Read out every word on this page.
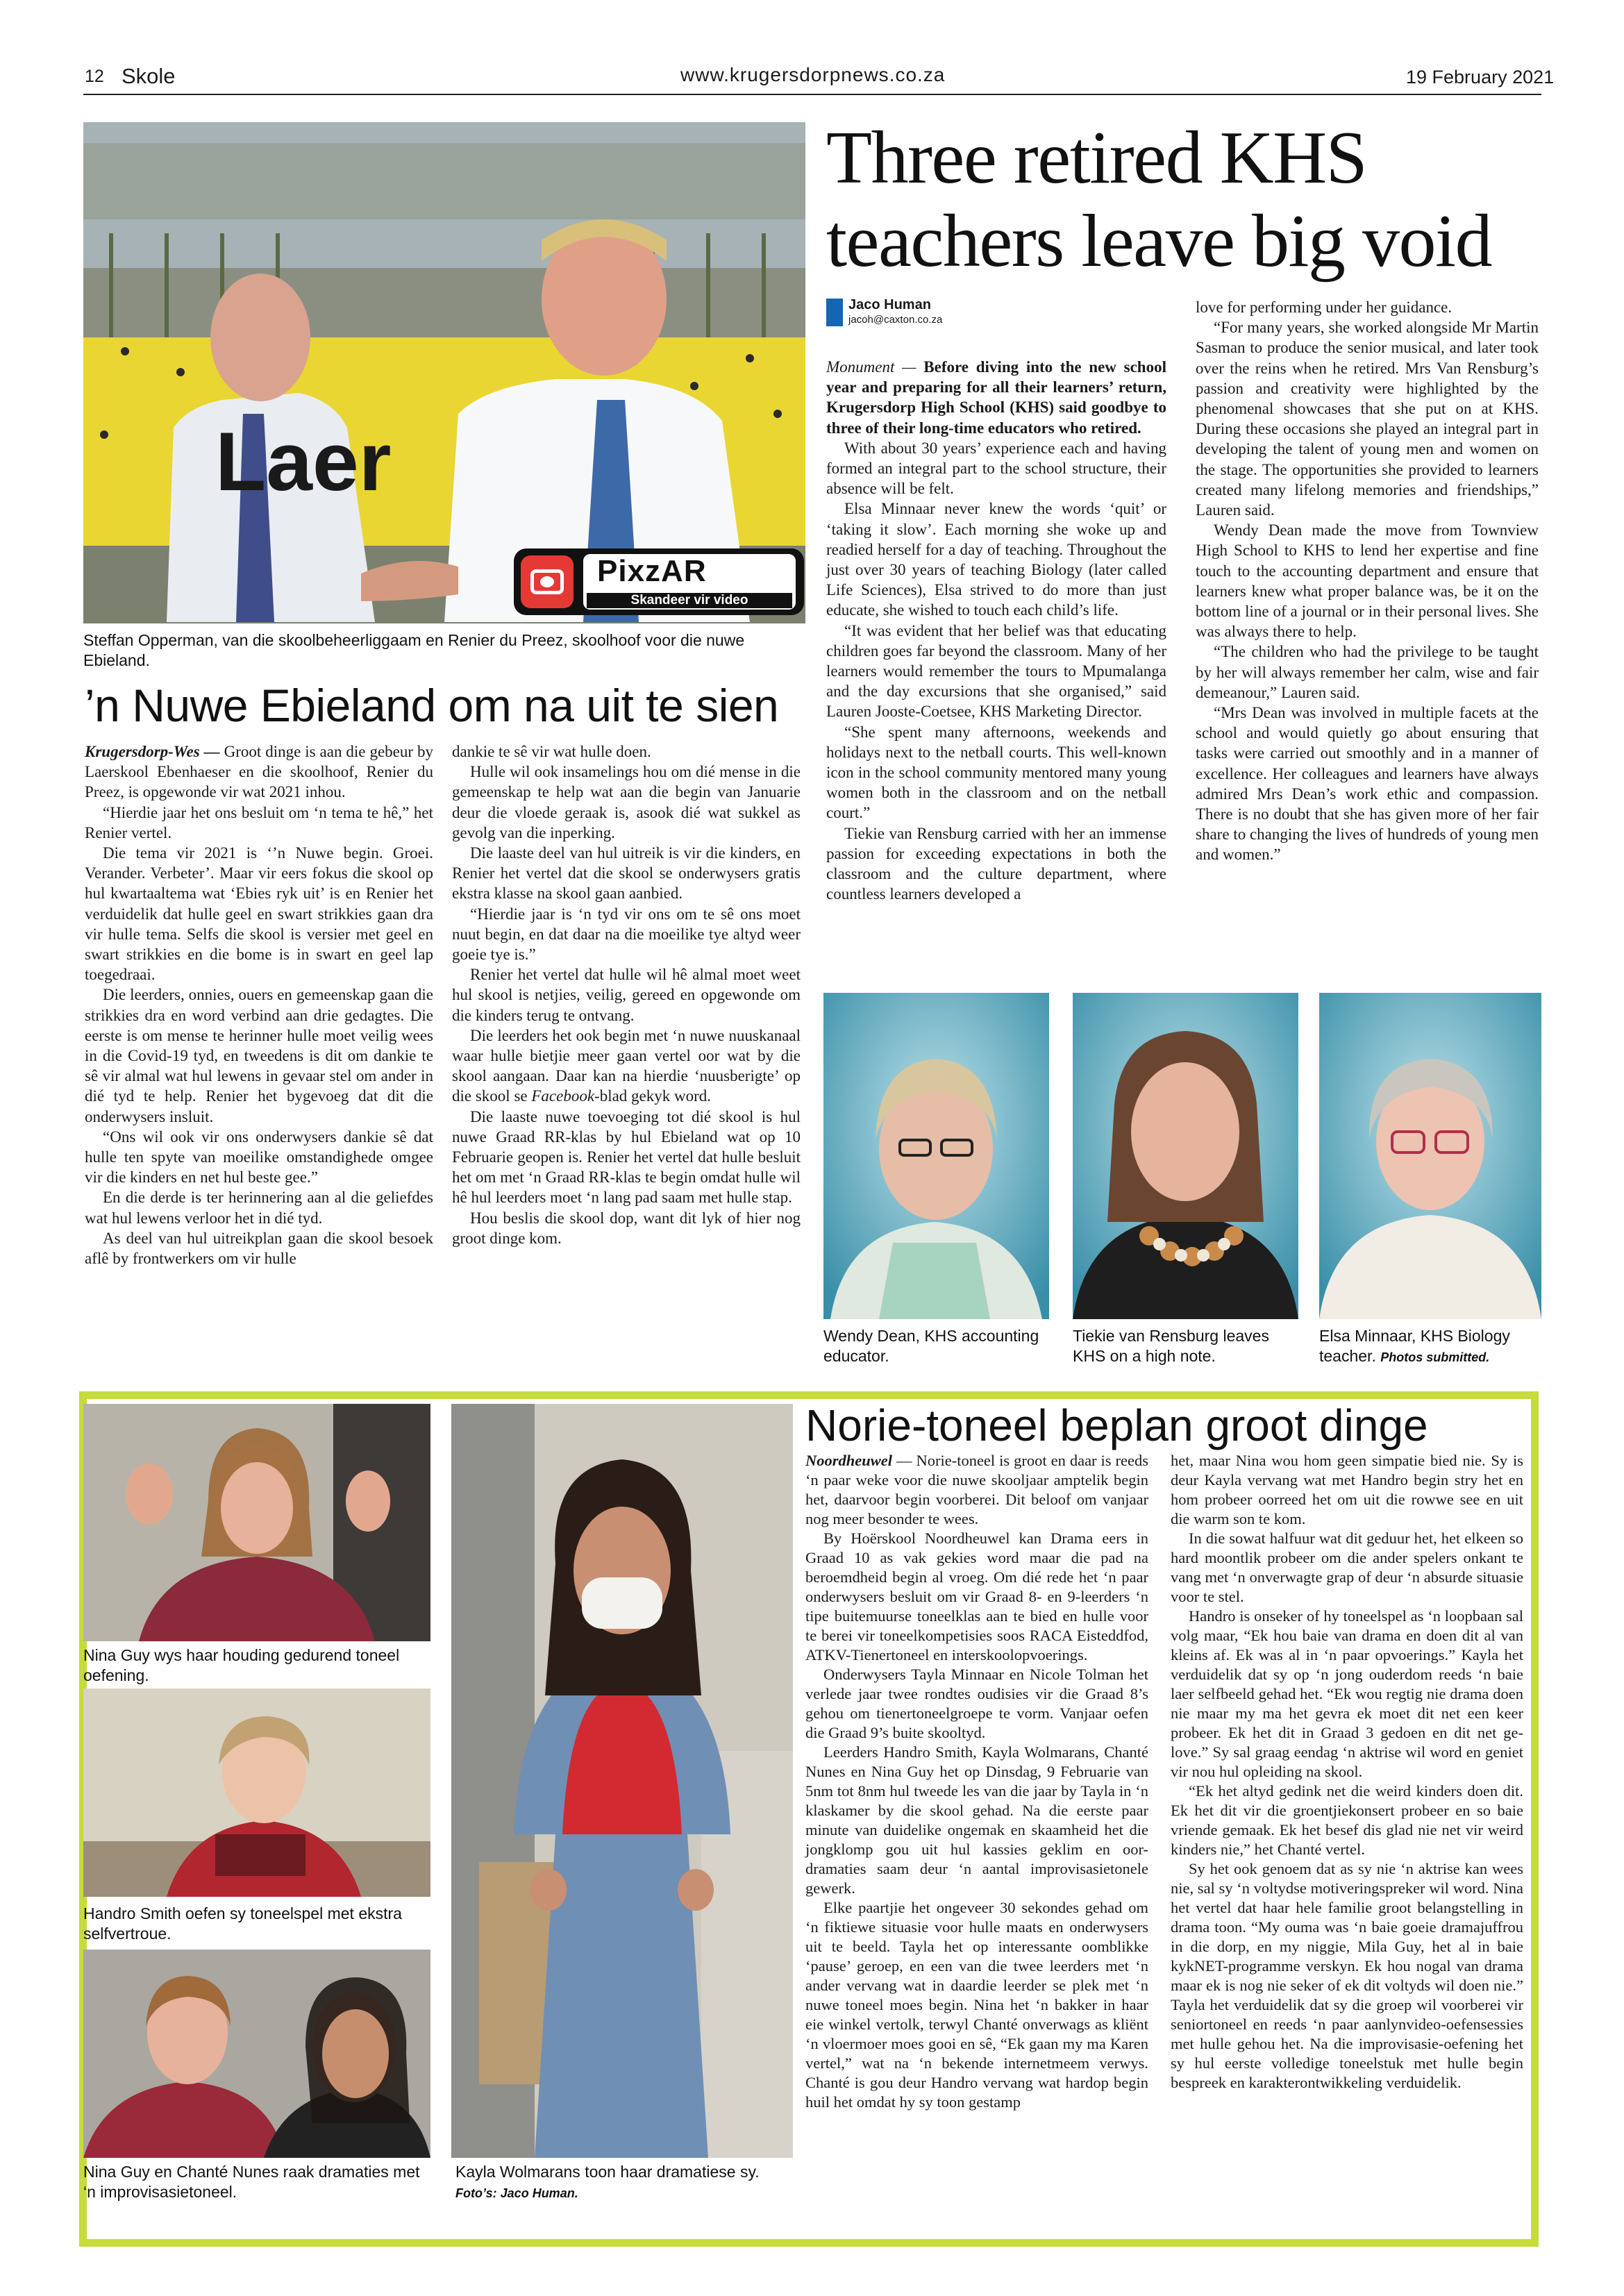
12 Skole	www.krugersdorpnews.co.za	19 February 2021
Laer
PixzAR
Skandeer vir video
Steffan Opperman, van die skoolbeheerliggaam en Renier du Preez, skoolhoof voor die nuwe Ebieland.
’n Nuwe Ebieland om na uit te sien

Krugersdorp-Wes — Groot dinge is aan die gebeur by Laerskool Ebenhaeser en die skoolhoof, Renier du Preez, is opgewonde vir wat 2021 inhou.

“Hierdie jaar het ons besluit om ‘n tema te hê,” het Renier vertel.

Die tema vir 2021 is ‘’n Nuwe begin. Groei. Verander. Verbeter’. Maar vir eers fokus die skool op hul kwartaaltema wat ‘Ebies ryk uit’ is en Renier het verduidelik dat hulle geel en swart strikkies gaan dra vir hulle tema. Selfs die skool is versier met geel en swart strikkies en die bome is in swart en geel lap toegedraai.

Die leerders, onnies, ouers en gemeenskap gaan die strikkies dra en word verbind aan drie gedagtes. Die eerste is om mense te herinner hulle moet veilig wees in die Covid-19 tyd, en tweedens is dit om dankie te sê vir almal wat hul lewens in gevaar stel om ander in dié tyd te help. Renier het bygevoeg dat dit die onderwysers insluit.

“Ons wil ook vir ons onderwysers dankie sê dat hulle ten spyte van moeilike omstandighede omgee vir die kinders en net hul beste gee.”

En die derde is ter herinnering aan al die geliefdes wat hul lewens verloor het in dié tyd.

As deel van hul uitreikplan gaan die skool besoek aflê by frontwerkers om vir hulle

dankie te sê vir wat hulle doen.

Hulle wil ook insamelings hou om dié mense in die gemeenskap te help wat aan die begin van Januarie deur die vloede geraak is, asook dié wat sukkel as gevolg van die inperking.

Die laaste deel van hul uitreik is vir die kinders, en Renier het vertel dat die skool se onderwysers gratis ekstra klasse na skool gaan aanbied.

“Hierdie jaar is ‘n tyd vir ons om te sê ons moet nuut begin, en dat daar na die moeilike tye altyd weer goeie tye is.”

Renier het vertel dat hulle wil hê almal moet weet hul skool is netjies, veilig, gereed en opgewonde om die kinders terug te ontvang.

Die leerders het ook begin met ‘n nuwe nuuskanaal waar hulle bietjie meer gaan vertel oor wat by die skool aangaan. Daar kan na hierdie ‘nuusberigte’ op die skool se Facebook-blad gekyk word.

Die laaste nuwe toevoeging tot dié skool is hul nuwe Graad RR-klas by hul Ebieland wat op 10 Februarie geopen is. Renier het vertel dat hulle besluit het om met ‘n Graad RR-klas te begin omdat hulle wil hê hul leerders moet ‘n lang pad saam met hulle stap.

Hou beslis die skool dop, want dit lyk of hier nog groot dinge kom.

Three retired KHS teachers leave big void
Jaco Human
jacoh@caxton.co.za

Monument — Before diving into the new school year and preparing for all their learners’ return, Krugersdorp High School (KHS) said goodbye to three of their long-time educators who retired.

With about 30 years’ experience each and having formed an integral part to the school structure, their absence will be felt.

Elsa Minnaar never knew the words ‘quit’ or ‘taking it slow’. Each morning she woke up and readied herself for a day of teaching. Throughout the just over 30 years of teaching Biology (later called Life Sciences), Elsa strived to do more than just educate, she wished to touch each child’s life.

“It was evident that her belief was that educating children goes far beyond the classroom. Many of her learners would remember the tours to Mpumalanga and the day excursions that she organised,” said Lauren Jooste-Coetsee, KHS Marketing Director.

“She spent many afternoons, weekends and holidays next to the netball courts. This well-known icon in the school community mentored many young women both in the classroom and on the netball court.”

Tiekie van Rensburg carried with her an immense passion for exceeding expectations in both the classroom and the culture department, where countless learners developed a

love for performing under her guidance.

“For many years, she worked alongside Mr Martin Sasman to produce the senior musical, and later took over the reins when he retired. Mrs Van Rensburg’s passion and creativity were highlighted by the phenomenal showcases that she put on at KHS. During these occasions she played an integral part in developing the talent of young men and women on the stage. The opportunities she provided to learners created many lifelong memories and friendships,” Lauren said.

Wendy Dean made the move from Townview High School to KHS to lend her expertise and fine touch to the accounting department and ensure that learners knew what proper balance was, be it on the bottom line of a journal or in their personal lives. She was always there to help.

“The children who had the privilege to be taught by her will always remember her calm, wise and fair demeanour,” Lauren said.

“Mrs Dean was involved in multiple facets at the school and would quietly go about ensuring that tasks were carried out smoothly and in a manner of excellence. Her colleagues and learners have always admired Mrs Dean’s work ethic and compassion. There is no doubt that she has given more of her fair share to changing the lives of hundreds of young men and women.”

Wendy Dean, KHS accounting educator.
Tiekie van Rensburg leaves KHS on a high note.
Elsa Minnaar, KHS Biology teacher. Photos submitted.
Norie-toneel beplan groot dinge
Nina Guy wys haar houding gedurend toneel oefening.
Handro Smith oefen sy toneelspel met ekstra selfvertroue.
Nina Guy en Chanté Nunes raak dramaties met ‘n improvisasietoneel.
Kayla Wolmarans toon haar dramatiese sy.
Foto’s: Jaco Human.

Noordheuwel — Norie-toneel is groot en daar is reeds ‘n paar weke voor die nuwe skooljaar amptelik begin het, daarvoor begin voorberei. Dit beloof om vanjaar nog meer besonder te wees.

By Hoërskool Noordheuwel kan Drama eers in Graad 10 as vak gekies word maar die pad na beroemdheid begin al vroeg. Om dié rede het ‘n paar onderwysers besluit om vir Graad 8- en 9-leerders ‘n tipe buitemuurse toneelklas aan te bied en hulle voor te berei vir toneelkompetisies soos RACA Eisteddfod, ATKV-Tienertoneel en interskoolopvoerings.

Onderwysers Tayla Minnaar en Nicole Tolman het verlede jaar twee rondtes oudisies vir die Graad 8’s gehou om tienertoneelgroepe te vorm. Vanjaar oefen die Graad 9’s buite skooltyd.

Leerders Handro Smith, Kayla Wolmarans, Chanté Nunes en Nina Guy het op Dinsdag, 9 Februarie van 5nm tot 8nm hul tweede les van die jaar by Tayla in ‘n klaskamer by die skool gehad. Na die eerste paar minute van duidelike ongemak en skaamheid het die jongklomp gou uit hul kassies geklim en oor-dramaties saam deur ‘n aantal improvisasietonele gewerk.

Elke paartjie het ongeveer 30 sekondes gehad om ‘n fiktiewe situasie voor hulle maats en onderwysers uit te beeld. Tayla het op interessante oomblikke ‘pause’ geroep, en een van die twee leerders met ‘n ander vervang wat in daardie leerder se plek met ‘n nuwe toneel moes begin. Nina het ‘n bakker in haar eie winkel vertolk, terwyl Chanté onverwags as kliënt ‘n vloermoer moes gooi en sê, “Ek gaan my ma Karen vertel,” wat na ‘n bekende internetmeem verwys. Chanté is gou deur Handro vervang wat hardop begin huil het omdat hy sy toon gestamp

het, maar Nina wou hom geen simpatie bied nie. Sy is deur Kayla vervang wat met Handro begin stry het en hom probeer oorreed het om uit die rowwe see en uit die warm son te kom.

In die sowat halfuur wat dit geduur het, het elkeen so hard moontlik probeer om die ander spelers onkant te vang met ‘n onverwagte grap of deur ‘n absurde situasie voor te stel.

Handro is onseker of hy toneelspel as ‘n loopbaan sal volg maar, “Ek hou baie van drama en doen dit al van kleins af. Ek was al in ‘n paar opvoerings.” Kayla het verduidelik dat sy op ‘n jong ouderdom reeds ‘n baie laer selfbeeld gehad het. “Ek wou regtig nie drama doen nie maar my ma het gevra ek moet dit net een keer probeer. Ek het dit in Graad 3 gedoen en dit net ge-love.” Sy sal graag eendag ‘n aktrise wil word en geniet vir nou hul opleiding na skool.

“Ek het altyd gedink net die weird kinders doen dit. Ek het dit vir die groentjiekonsert probeer en so baie vriende gemaak. Ek het besef dis glad nie net vir weird kinders nie,” het Chanté vertel.

Sy het ook genoem dat as sy nie ‘n aktrise kan wees nie, sal sy ‘n voltydse motiveringspreker wil word. Nina het vertel dat haar hele familie groot belangstelling in drama toon. “My ouma was ‘n baie goeie dramajuffrou in die dorp, en my niggie, Mila Guy, het al in baie kykNET-programme verskyn. Ek hou nogal van drama maar ek is nog nie seker of ek dit voltyds wil doen nie.” Tayla het verduidelik dat sy die groep wil voorberei vir seniortoneel en reeds ‘n paar aanlynvideo-oefensessies met hulle gehou het. Na die improvisasie-oefening het sy hul eerste volledige toneelstuk met hulle begin bespreek en karakterontwikkeling verduidelik.
